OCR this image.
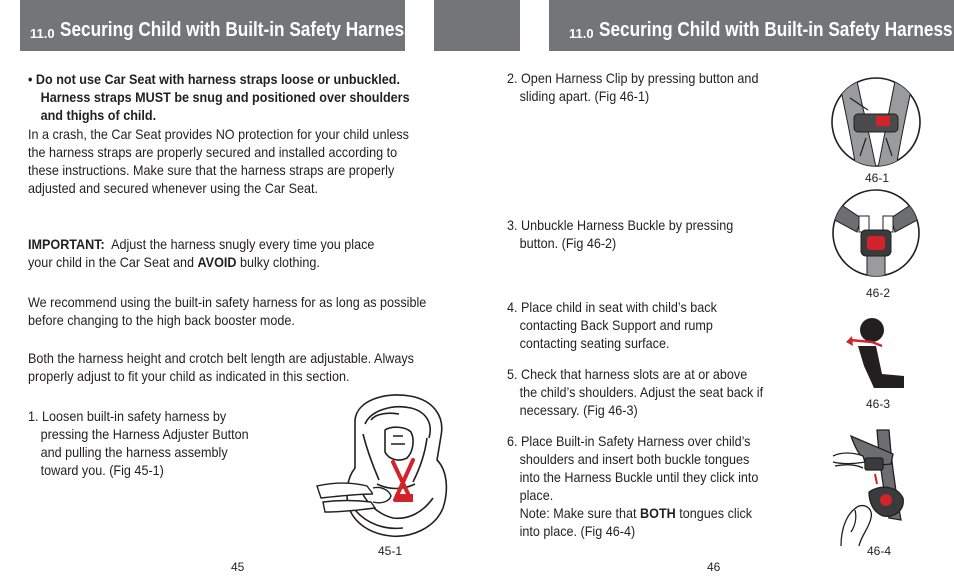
11.0 Securing Child with Built-in Safety Harness
• Do not use Car Seat with harness straps loose or unbuckled.
Harness straps MUST be snug and positioned over shoulders
and thighs of child.
In a crash, the Car Seat provides NO protection for your child unless
the harness straps are properly secured and installed according to
these instructions. Make sure that the harness straps are properly
adjusted and secured whenever using the Car Seat.
IMPORTANT: Adjust the harness snugly every time you place
your child in the Car Seat and AVOID bulky clothing.
We recommend using the built-in safety harness for as long as possible
before changing to the high back booster mode.
Both the harness height and crotch belt length are adjustable. Always
properly adjust to fit your child as indicated in this section.
1. Loosen built-in safety harness by
pressing the Harness Adjuster Button
and pulling the harness assembly
toward you. (Fig 45-1)
45-1
45
11.0 Securing Child with Built-in Safety Harness
2. Open Harness Clip by pressing button and
sliding apart. (Fig 46-1)
3. Unbuckle Harness Buckle by pressing
button. (Fig 46-2)
4. Place child in seat with child’s back
contacting Back Support and rump
contacting seating surface.
5. Check that harness slots are at or above
the child’s shoulders. Adjust the seat back if
necessary. (Fig 46-3)
6. Place Built-in Safety Harness over child’s
shoulders and insert both buckle tongues
into the Harness Buckle until they click into
place.
Note: Make sure that BOTH tongues click
into place. (Fig 46-4)
46-1
46-2
46-3
46-4
46
